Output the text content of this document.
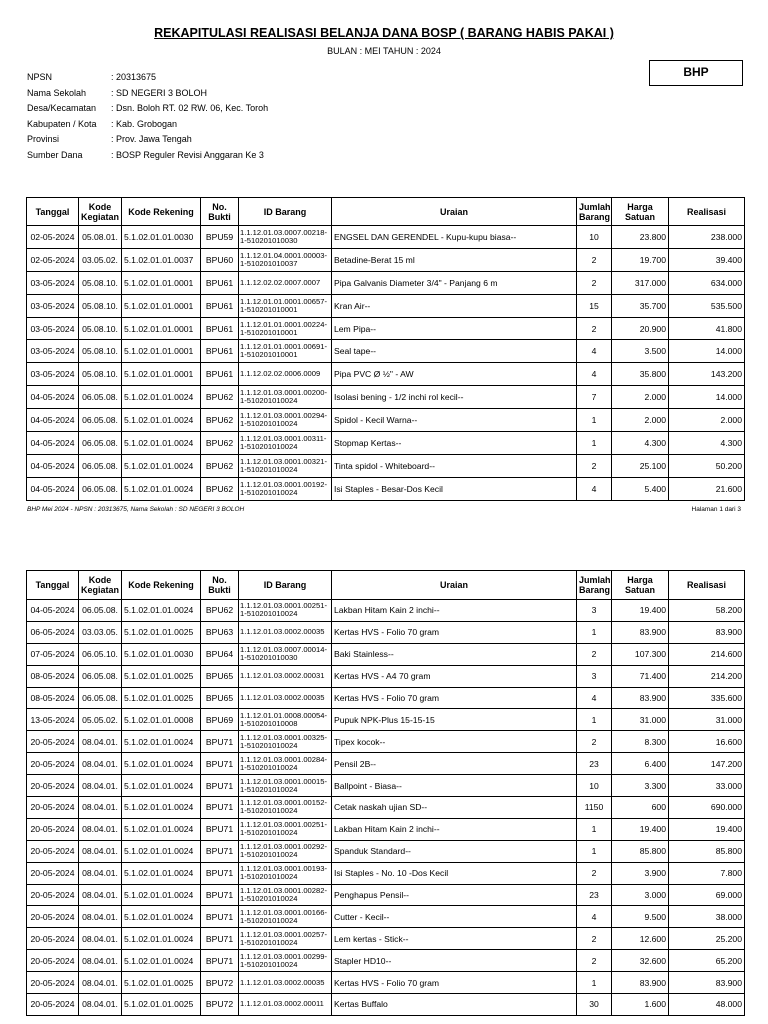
REKAPITULASI REALISASI BELANJA DANA BOSP ( BARANG HABIS PAKAI )
BULAN : MEI TAHUN : 2024
BHP
NPSN	: 20313675
Nama Sekolah	: SD NEGERI 3 BOLOH
Desa/Kecamatan : Dsn. Boloh RT. 02 RW. 06, Kec. Toroh
Kabupaten / Kota : Kab. Grobogan
Provinsi	: Prov. Jawa Tengah
Sumber Dana	: BOSP Reguler Revisi Anggaran Ke 3
Tanggal	Kode Kegiatan	Kode Rekening	No. Bukti	ID Barang	Uraian	Jumlah Barang	Harga Satuan	Realisasi
02-05-2024	05.08.01.	5.1.02.01.01.0030	BPU59	1.1.12.01.03.0007.00218-1-510201010030	ENGSEL DAN GERENDEL - Kupu-kupu biasa--	10	23.800	238.000
02-05-2024	03.05.02.	5.1.02.01.01.0037	BPU60	1.1.12.01.04.0001.00003-1-510201010037	Betadine-Berat 15 ml	2	19.700	39.400
03-05-2024	05.08.10.	5.1.02.01.01.0001	BPU61	1.1.12.02.02.0007.0007	Pipa Galvanis Diameter 3/4" - Panjang 6 m	2	317.000	634.000
03-05-2024	05.08.10.	5.1.02.01.01.0001	BPU61	1.1.12.01.01.0001.00657-1-510201010001	Kran Air--	15	35.700	535.500
03-05-2024	05.08.10.	5.1.02.01.01.0001	BPU61	1.1.12.01.01.0001.00224-1-510201010001	Lem Pipa--	2	20.900	41.800
03-05-2024	05.08.10.	5.1.02.01.01.0001	BPU61	1.1.12.01.01.0001.00691-1-510201010001	Seal tape--	4	3.500	14.000
03-05-2024	05.08.10.	5.1.02.01.01.0001	BPU61	1.1.12.02.02.0006.0009	Pipa PVC Ø ½" - AW	4	35.800	143.200
04-05-2024	06.05.08.	5.1.02.01.01.0024	BPU62	1.1.12.01.03.0001.00200-1-510201010024	Isolasi bening - 1/2 inchi rol kecil--	7	2.000	14.000
04-05-2024	06.05.08.	5.1.02.01.01.0024	BPU62	1.1.12.01.03.0001.00294-1-510201010024	Spidol - Kecil Warna--	1	2.000	2.000
04-05-2024	06.05.08.	5.1.02.01.01.0024	BPU62	1.1.12.01.03.0001.00311-1-510201010024	Stopmap Kertas--	1	4.300	4.300
04-05-2024	06.05.08.	5.1.02.01.01.0024	BPU62	1.1.12.01.03.0001.00321-1-510201010024	Tinta spidol - Whiteboard--	2	25.100	50.200
04-05-2024	06.05.08.	5.1.02.01.01.0024	BPU62	1.1.12.01.03.0001.00192-1-510201010024	Isi Staples - Besar-Dos Kecil	4	5.400	21.600
BHP Mei 2024 - NPSN : 20313675, Nama Sekolah : SD NEGERI 3 BOLOH	Halaman 1 dari 3
Tanggal	Kode Kegiatan	Kode Rekening	No. Bukti	ID Barang	Uraian	Jumlah Barang	Harga Satuan	Realisasi
04-05-2024	06.05.08.	5.1.02.01.01.0024	BPU62	1.1.12.01.03.0001.00251-1-510201010024	Lakban Hitam Kain 2 inchi--	3	19.400	58.200
06-05-2024	03.03.05.	5.1.02.01.01.0025	BPU63	1.1.12.01.03.0002.00035	Kertas HVS - Folio 70 gram	1	83.900	83.900
07-05-2024	06.05.10.	5.1.02.01.01.0030	BPU64	1.1.12.01.03.0007.00014-1-510201010030	Baki Stainless--	2	107.300	214.600
08-05-2024	06.05.08.	5.1.02.01.01.0025	BPU65	1.1.12.01.03.0002.00031	Kertas HVS - A4 70 gram	3	71.400	214.200
08-05-2024	06.05.08.	5.1.02.01.01.0025	BPU65	1.1.12.01.03.0002.00035	Kertas HVS - Folio 70 gram	4	83.900	335.600
13-05-2024	05.05.02.	5.1.02.01.01.0008	BPU69	1.1.12.01.01.0008.00054-1-510201010008	Pupuk NPK-Plus 15-15-15	1	31.000	31.000
20-05-2024	08.04.01.	5.1.02.01.01.0024	BPU71	1.1.12.01.03.0001.00325-1-510201010024	Tipex kocok--	2	8.300	16.600
20-05-2024	08.04.01.	5.1.02.01.01.0024	BPU71	1.1.12.01.03.0001.00284-1-510201010024	Pensil 2B--	23	6.400	147.200
20-05-2024	08.04.01.	5.1.02.01.01.0024	BPU71	1.1.12.01.03.0001.00015-1-510201010024	Ballpoint - Biasa--	10	3.300	33.000
20-05-2024	08.04.01.	5.1.02.01.01.0024	BPU71	1.1.12.01.03.0001.00152-1-510201010024	Cetak naskah ujian SD--	1150	600	690.000
20-05-2024	08.04.01.	5.1.02.01.01.0024	BPU71	1.1.12.01.03.0001.00251-1-510201010024	Lakban Hitam Kain 2 inchi--	1	19.400	19.400
20-05-2024	08.04.01.	5.1.02.01.01.0024	BPU71	1.1.12.01.03.0001.00292-1-510201010024	Spanduk Standard--	1	85.800	85.800
20-05-2024	08.04.01.	5.1.02.01.01.0024	BPU71	1.1.12.01.03.0001.00193-1-510201010024	Isi Staples - No. 10 -Dos Kecil	2	3.900	7.800
20-05-2024	08.04.01.	5.1.02.01.01.0024	BPU71	1.1.12.01.03.0001.00282-1-510201010024	Penghapus Pensil--	23	3.000	69.000
20-05-2024	08.04.01.	5.1.02.01.01.0024	BPU71	1.1.12.01.03.0001.00166-1-510201010024	Cutter - Kecil--	4	9.500	38.000
20-05-2024	08.04.01.	5.1.02.01.01.0024	BPU71	1.1.12.01.03.0001.00257-1-510201010024	Lem kertas - Stick--	2	12.600	25.200
20-05-2024	08.04.01.	5.1.02.01.01.0024	BPU71	1.1.12.01.03.0001.00299-1-510201010024	Stapler HD10--	2	32.600	65.200
20-05-2024	08.04.01.	5.1.02.01.01.0025	BPU72	1.1.12.01.03.0002.00035	Kertas HVS - Folio 70 gram	1	83.900	83.900
20-05-2024	08.04.01.	5.1.02.01.01.0025	BPU72	1.1.12.01.03.0002.00011	Kertas Buffalo	30	1.600	48.000
